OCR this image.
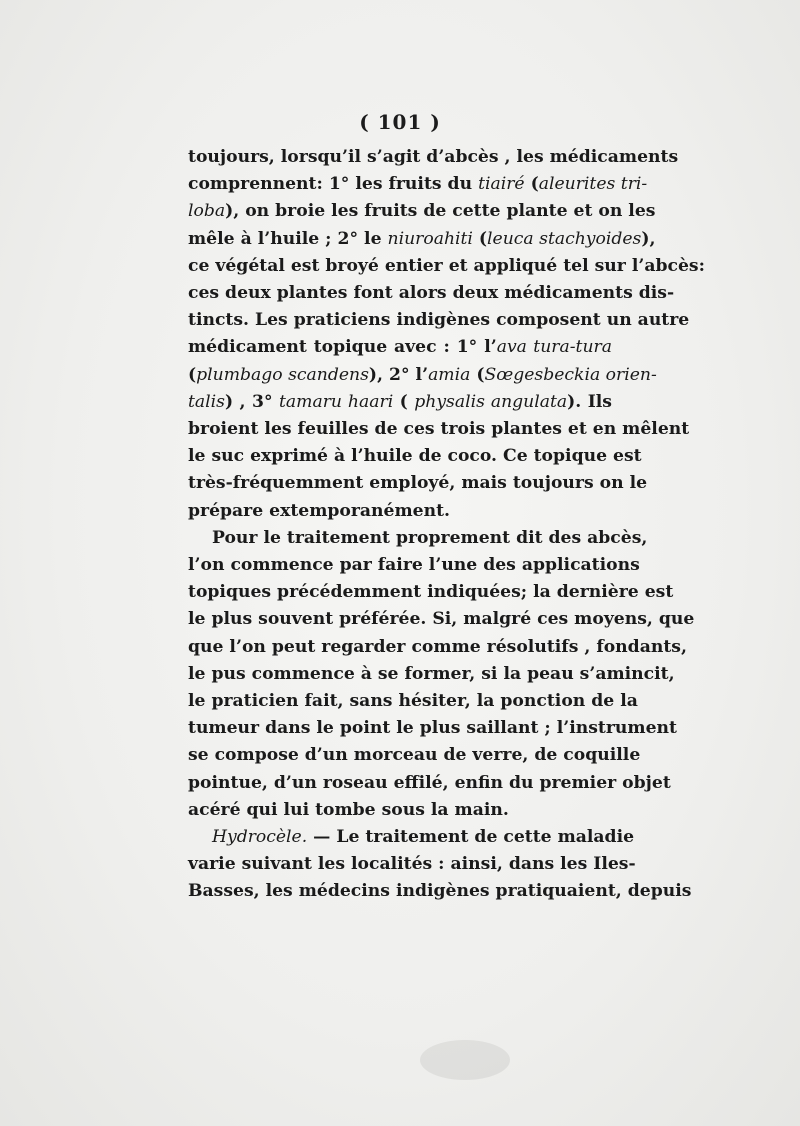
( 101 )
toujours, lorsqu’il s’agit d’abcès , les médicaments
comprennent: 1° les fruits du tiairé (aleurites tri-
loba), on broie les fruits de cette plante et on les
mêle à l’huile ; 2° le niuroahiti (leuca stachyoides),
ce végétal est broyé entier et appliqué tel sur l’abcès:
ces deux plantes font alors deux médicaments dis-
tincts. Les praticiens indigènes composent un autre
médicament topique avec : 1° l’ava tura-tura
(plumbago scandens), 2° l’amia (Sœgesbeckia orien-
talis) , 3° tamaru haari ( physalis angulata). Ils
broient les feuilles de ces trois plantes et en mêlent
le suc exprimé à l’huile de coco. Ce topique est
très-fréquemment employé, mais toujours on le
prépare extemporanément.
Pour le traitement proprement dit des abcès,
l’on commence par faire l’une des applications
topiques précédemment indiquées; la dernière est
le plus souvent préférée. Si, malgré ces moyens, que
que l’on peut regarder comme résolutifs , fondants,
le pus commence à se former, si la peau s’amincit,
le praticien fait, sans hésiter, la ponction de la
tumeur dans le point le plus saillant ; l’instrument
se compose d’un morceau de verre, de coquille
pointue, d’un roseau effilé, enfin du premier objet
acéré qui lui tombe sous la main.
Hydrocèle. — Le traitement de cette maladie
varie suivant les localités : ainsi, dans les Iles-
Basses, les médecins indigènes pratiquaient, depuis
